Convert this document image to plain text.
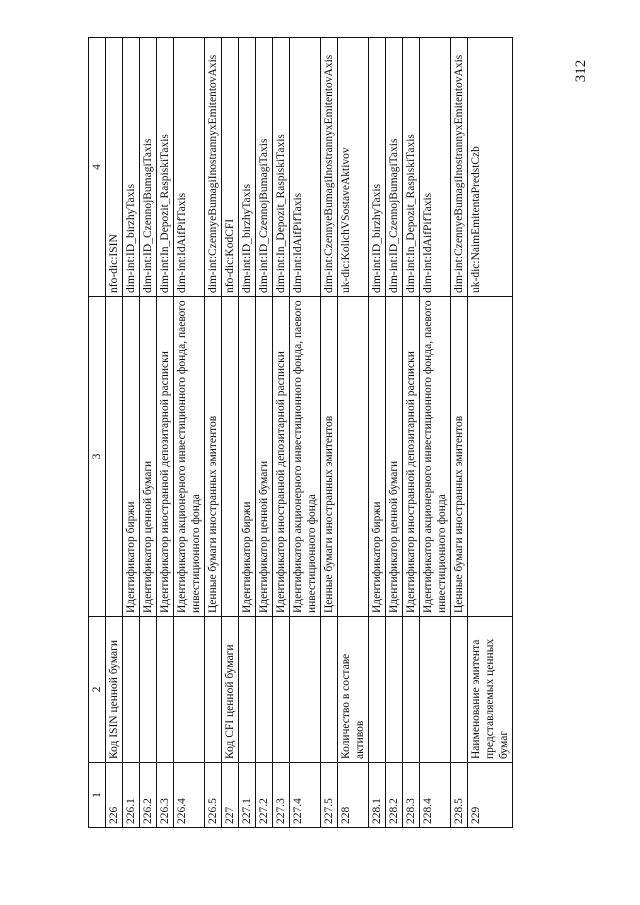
312
1	2	3	4
226	Код ISIN ценной бумаги		nfo-dic:ISIN
226.1		Идентификатор биржи	dim-int:ID_birzhyTaxis
226.2		Идентификатор ценной бумаги	dim-int:ID_CzennojBumagiTaxis
226.3		Идентификатор иностранной депозитарной расписки	dim-int:In_Depozit_RaspiskiTaxis
226.4		Идентификатор акционерного инвестиционного фонда, паевого инвестиционного фонда	dim-int:IdAifPifTaxis
226.5		Ценные бумаги иностранных эмитентов	dim-int:CzennyeBumagiInostrannyxEmitentovAxis
227	Код CFI ценной бумаги		nfo-dic:KodCFI
227.1		Идентификатор биржи	dim-int:ID_birzhyTaxis
227.2		Идентификатор ценной бумаги	dim-int:ID_CzennojBumagiTaxis
227.3		Идентификатор иностранной депозитарной расписки	dim-int:In_Depozit_RaspiskiTaxis
227.4		Идентификатор акционерного инвестиционного фонда, паевого инвестиционного фонда	dim-int:IdAifPifTaxis
227.5		Ценные бумаги иностранных эмитентов	dim-int:CzennyeBumagiInostrannyxEmitentovAxis
228	Количество в составе активов		uk-dic:KolichVSostaveAktivov
228.1		Идентификатор биржи	dim-int:ID_birzhyTaxis
228.2		Идентификатор ценной бумаги	dim-int:ID_CzennojBumagiTaxis
228.3		Идентификатор иностранной депозитарной расписки	dim-int:In_Depozit_RaspiskiTaxis
228.4		Идентификатор акционерного инвестиционного фонда, паевого инвестиционного фонда	dim-int:IdAifPifTaxis
228.5		Ценные бумаги иностранных эмитентов	dim-int:CzennyeBumagiInostrannyxEmitentovAxis
229	Наименование эмитента представляемых ценных бумаг		uk-dic:NaimEmitentaPredstCzb
